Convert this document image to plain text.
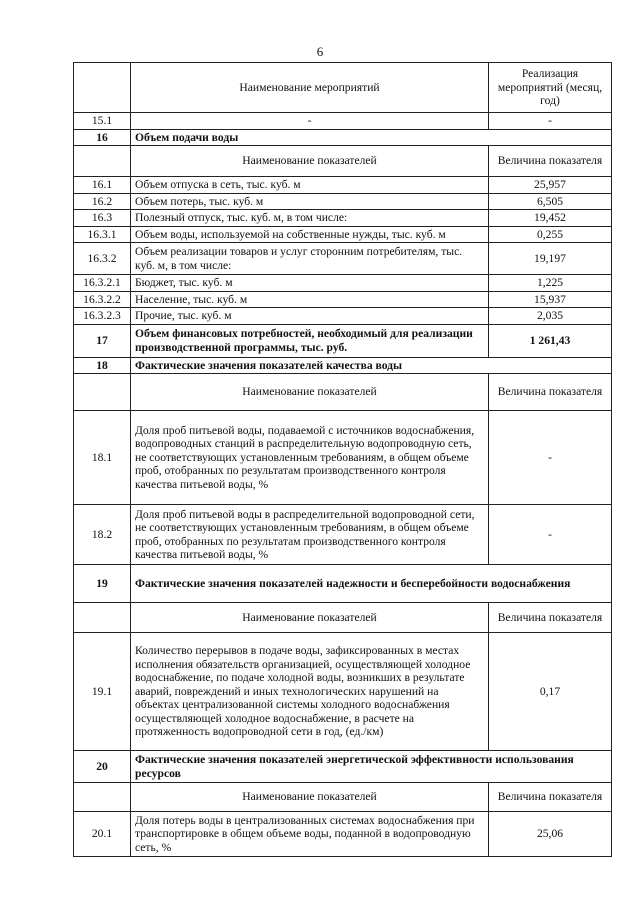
6
	Наименование мероприятий	Реализация мероприятий (месяц, год)
15.1	-	-
16	Объем подачи воды	
	Наименование показателей	Величина показателя
16.1	Объем отпуска в сеть, тыс. куб. м	25,957
16.2	Объем потерь, тыс. куб. м	6,505
16.3	Полезный отпуск, тыс. куб. м, в том числе:	19,452
16.3.1	Объем воды, используемой на собственные нужды, тыс. куб. м	0,255
16.3.2	Объем реализации товаров и услуг сторонним потребителям, тыс. куб. м, в том числе:	19,197
16.3.2.1	Бюджет, тыс. куб. м	1,225
16.3.2.2	Население, тыс. куб. м	15,937
16.3.2.3	Прочие, тыс. куб. м	2,035
17	Объем финансовых потребностей, необходимый для реализации производственной программы, тыс. руб.	1 261,43
18	Фактические значения показателей качества воды	
	Наименование показателей	Величина показателя
18.1	Доля проб питьевой воды, подаваемой с источников водоснабжения, водопроводных станций в распределительную водопроводную сеть, не соответствующих установленным требованиям, в общем объеме проб, отобранных по результатам производственного контроля качества питьевой воды, %	-
18.2	Доля проб питьевой воды в распределительной водопроводной сети, не соответствующих установленным требованиям, в общем объеме проб, отобранных по результатам производственного контроля качества питьевой воды, %	-
19	Фактические значения показателей надежности и бесперебойности водоснабжения	
	Наименование показателей	Величина показателя
19.1	Количество перерывов в подаче воды, зафиксированных в местах исполнения обязательств организацией, осуществляющей холодное водоснабжение, по подаче холодной воды, возникших в результате аварий, повреждений и иных технологических нарушений на объектах централизованной системы холодного водоснабжения осуществляющей холодное водоснабжение, в расчете на протяженность водопроводной сети в год, (ед./км)	0,17
20	Фактические значения показателей энергетической эффективности использования ресурсов	
	Наименование показателей	Величина показателя
20.1	Доля потерь воды в централизованных системах водоснабжения при транспортировке в общем объеме воды, поданной в водопроводную сеть, %	25,06
